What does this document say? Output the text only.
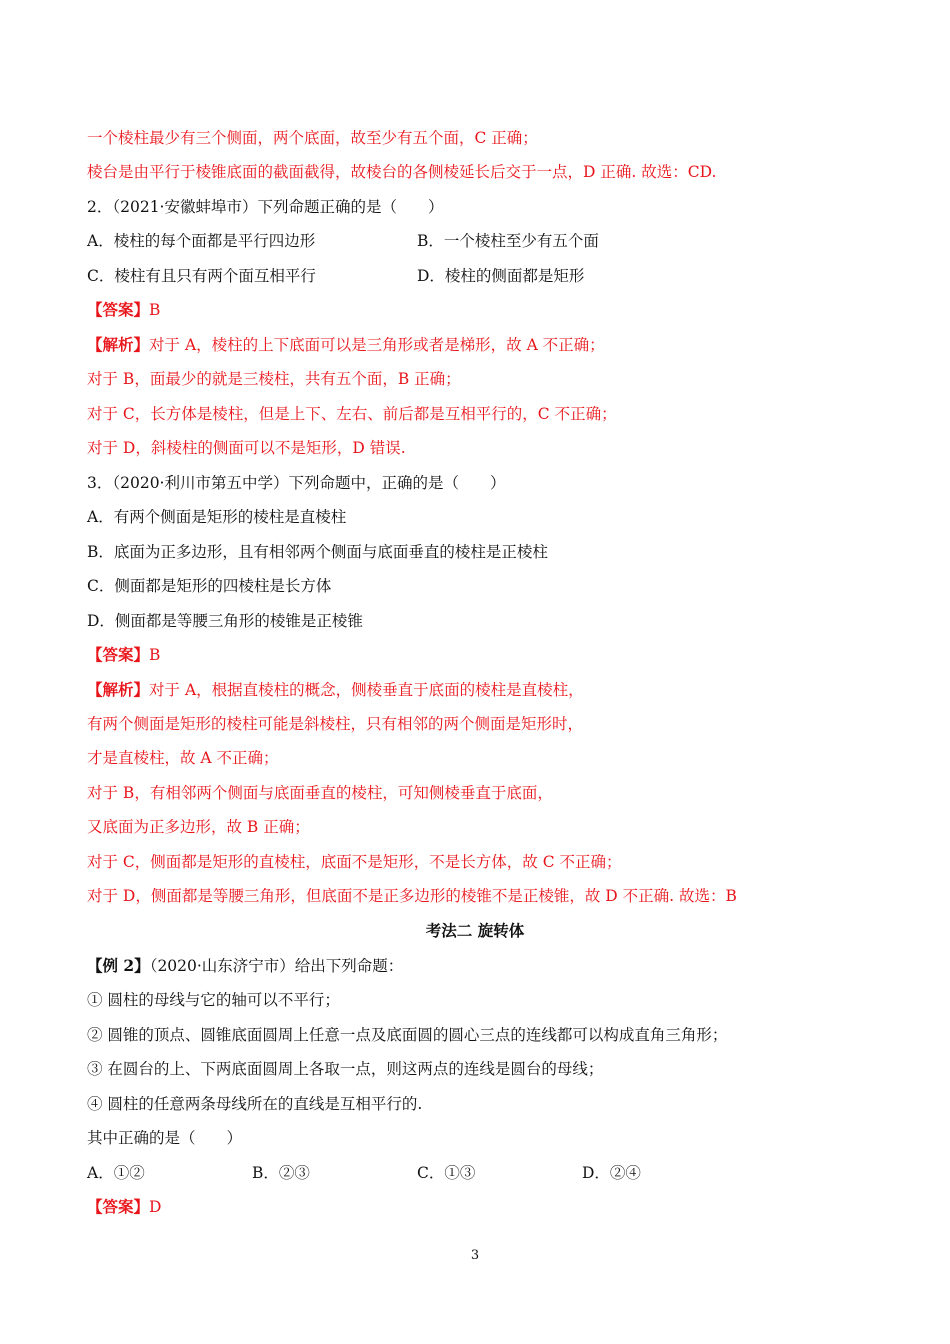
一个棱柱最少有三个侧面，两个底面，故至少有五个面，C 正确；
棱台是由平行于棱锥底面的截面截得，故棱台的各侧棱延长后交于一点，D 正确. 故选：CD.
2．（2021·安徽蚌埠市）下列命题正确的是（　　）
A．棱柱的每个面都是平行四边形	B．一个棱柱至少有五个面
C．棱柱有且只有两个面互相平行	D．棱柱的侧面都是矩形
【答案】B
【解析】对于 A，棱柱的上下底面可以是三角形或者是梯形，故 A 不正确；
对于 B，面最少的就是三棱柱，共有五个面，B 正确；
对于 C，长方体是棱柱，但是上下、左右、前后都是互相平行的，C 不正确；
对于 D，斜棱柱的侧面可以不是矩形，D 错误.
3．（2020·利川市第五中学）下列命题中，正确的是（　　）
A．有两个侧面是矩形的棱柱是直棱柱
B．底面为正多边形，且有相邻两个侧面与底面垂直的棱柱是正棱柱
C．侧面都是矩形的四棱柱是长方体
D．侧面都是等腰三角形的棱锥是正棱锥
【答案】B
【解析】对于 A，根据直棱柱的概念，侧棱垂直于底面的棱柱是直棱柱，
有两个侧面是矩形的棱柱可能是斜棱柱，只有相邻的两个侧面是矩形时，
才是直棱柱，故 A 不正确；
对于 B，有相邻两个侧面与底面垂直的棱柱，可知侧棱垂直于底面，
又底面为正多边形，故 B 正确；
对于 C，侧面都是矩形的直棱柱，底面不是矩形，不是长方体，故 C 不正确；
对于 D，侧面都是等腰三角形，但底面不是正多边形的棱锥不是正棱锥，故 D 不正确. 故选：B
考法二 旋转体
【例 2】（2020·山东济宁市）给出下列命题：
① 圆柱的母线与它的轴可以不平行；
② 圆锥的顶点、圆锥底面圆周上任意一点及底面圆的圆心三点的连线都可以构成直角三角形；
③ 在圆台的上、下两底面圆周上各取一点，则这两点的连线是圆台的母线；
④ 圆柱的任意两条母线所在的直线是互相平行的.
其中正确的是（　　）
A．①②	B．②③	C．①③	D．②④
【答案】D
3
